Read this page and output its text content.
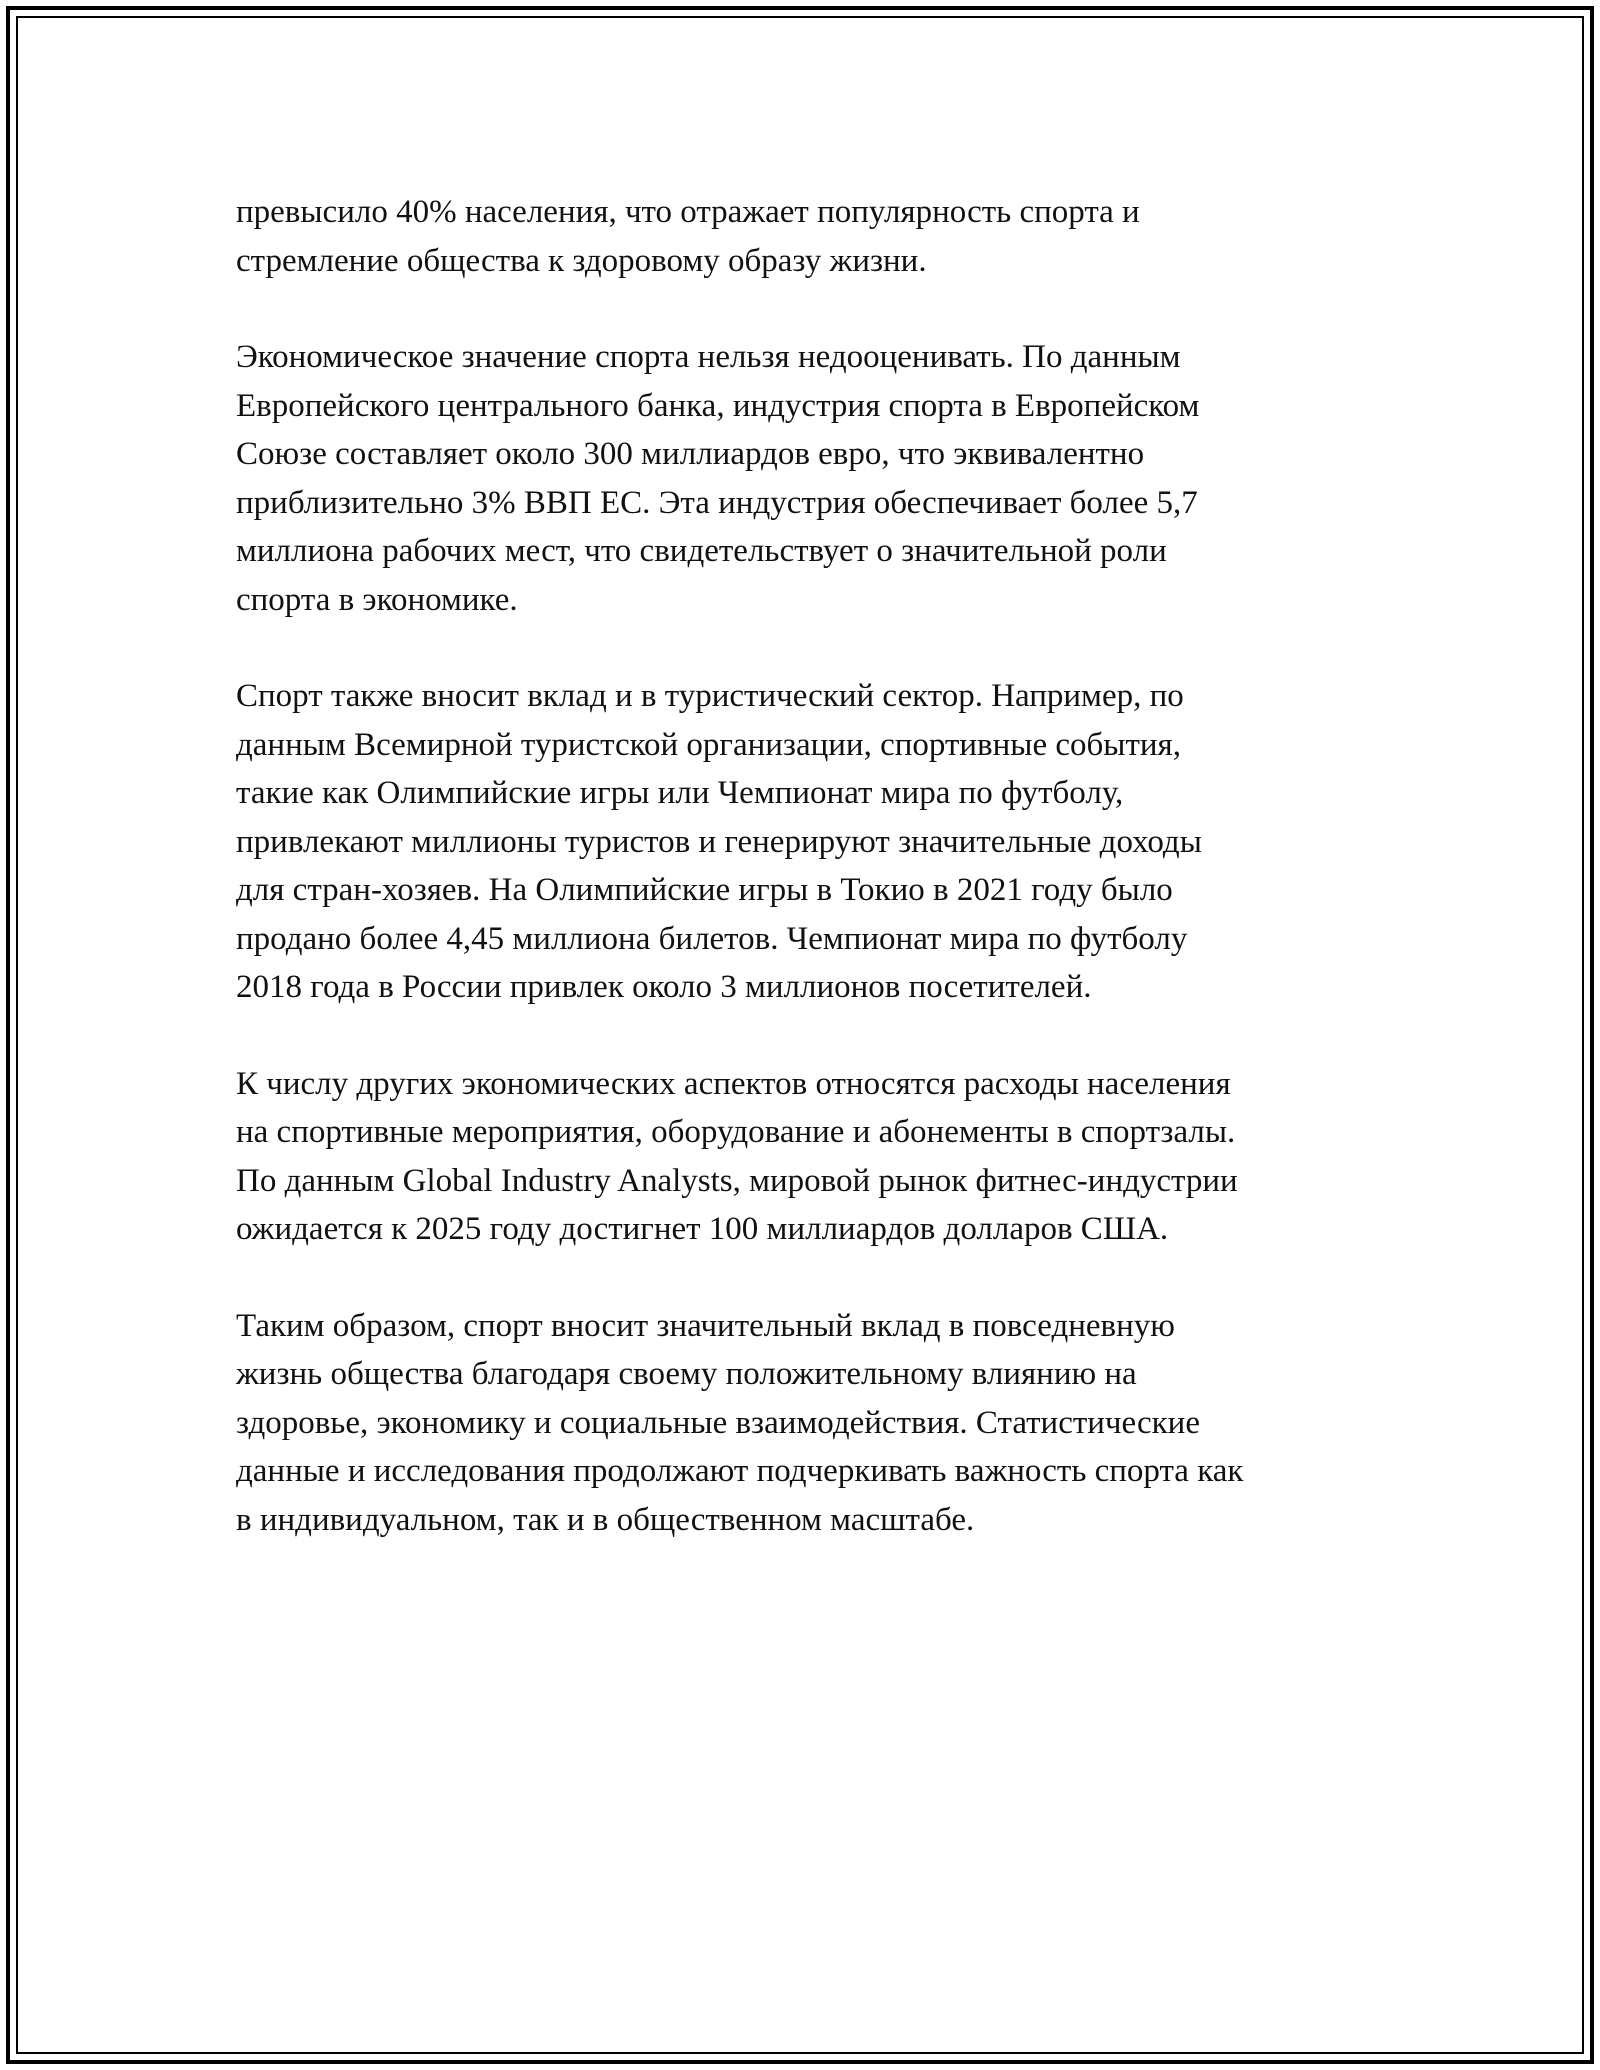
превысило 40% населения, что отражает популярность спорта и
стремление общества к здоровому образу жизни.

Экономическое значение спорта нельзя недооценивать. По данным
Европейского центрального банка, индустрия спорта в Европейском
Союзе составляет около 300 миллиардов евро, что эквивалентно
приблизительно 3% ВВП ЕС. Эта индустрия обеспечивает более 5,7
миллиона рабочих мест, что свидетельствует о значительной роли
спорта в экономике.

Спорт также вносит вклад и в туристический сектор. Например, по
данным Всемирной туристской организации, спортивные события,
такие как Олимпийские игры или Чемпионат мира по футболу,
привлекают миллионы туристов и генерируют значительные доходы
для стран-хозяев. На Олимпийские игры в Токио в 2021 году было
продано более 4,45 миллиона билетов. Чемпионат мира по футболу
2018 года в России привлек около 3 миллионов посетителей.

К числу других экономических аспектов относятся расходы населения
на спортивные мероприятия, оборудование и абонементы в спортзалы.
По данным Global Industry Analysts, мировой рынок фитнес-индустрии
ожидается к 2025 году достигнет 100 миллиардов долларов США.

Таким образом, спорт вносит значительный вклад в повседневную
жизнь общества благодаря своему положительному влиянию на
здоровье, экономику и социальные взаимодействия. Статистические
данные и исследования продолжают подчеркивать важность спорта как
в индивидуальном, так и в общественном масштабе.
